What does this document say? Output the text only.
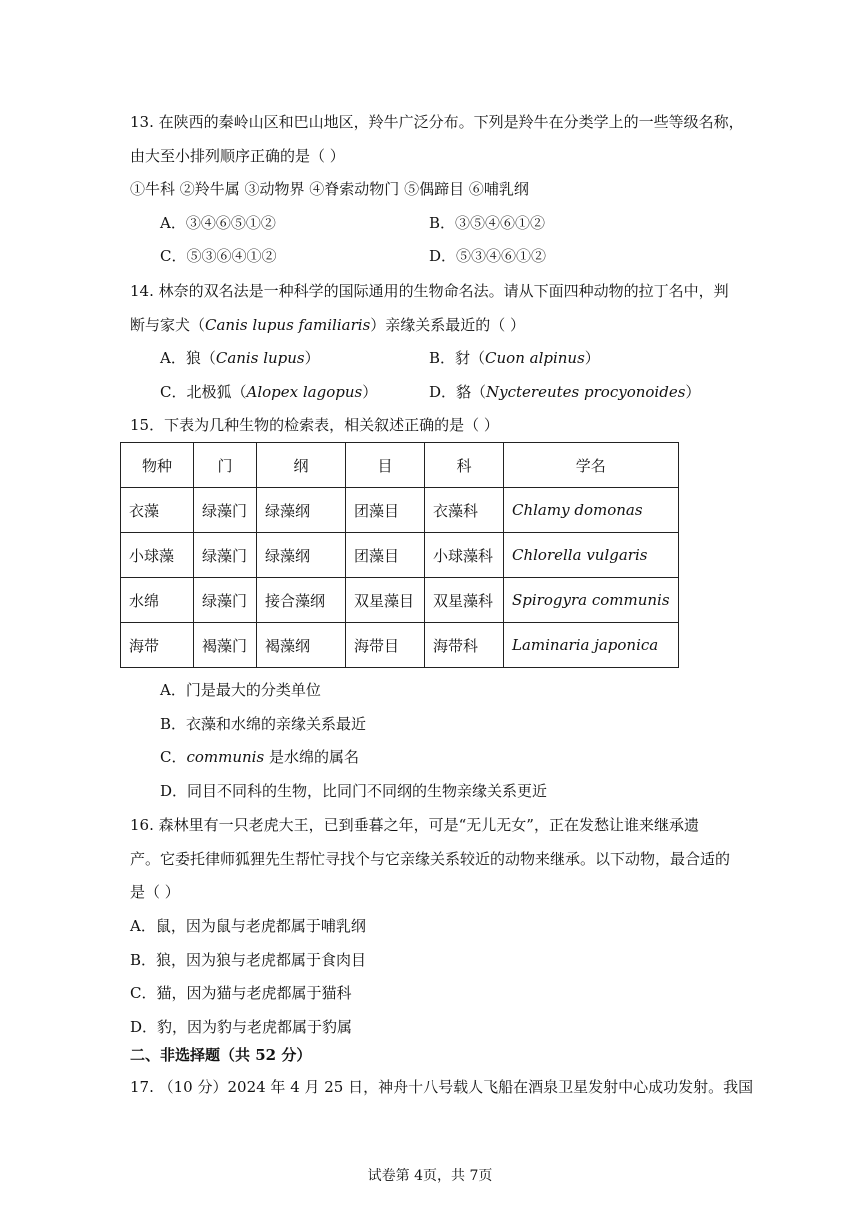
13. 在陕西的秦岭山区和巴山地区，羚牛广泛分布。下列是羚牛在分类学上的一些等级名称，
由大至小排列顺序正确的是（ ）
①牛科 ②羚牛属 ③动物界 ④脊索动物门 ⑤偶蹄目 ⑥哺乳纲
A．③④⑥⑤①②	B．③⑤④⑥①②
C．⑤③⑥④①②	D．⑤③④⑥①②
14. 林奈的双名法是一种科学的国际通用的生物命名法。请从下面四种动物的拉丁名中，判
断与家犬（Canis lupus familiaris）亲缘关系最近的（ ）
A．狼（Canis lupus）	B．豺（Cuon alpinus）
C．北极狐（Alopex lagopus）	D．貉（Nyctereutes procyonoides）
15．下表为几种生物的检索表，相关叙述正确的是（ ）
物种	门	纲	目	科	学名
衣藻	绿藻门	绿藻纲	团藻目	衣藻科	Chlamy domonas
小球藻	绿藻门	绿藻纲	团藻目	小球藻科	Chlorella vulgaris
水绵	绿藻门	接合藻纲	双星藻目	双星藻科	Spirogyra communis
海带	褐藻门	褐藻纲	海带目	海带科	Laminaria japonica
A．门是最大的分类单位
B．衣藻和水绵的亲缘关系最近
C．communis 是水绵的属名
D．同目不同科的生物，比同门不同纲的生物亲缘关系更近
16. 森林里有一只老虎大王，已到垂暮之年，可是“无儿无女”，正在发愁让谁来继承遗
产。它委托律师狐狸先生帮忙寻找个与它亲缘关系较近的动物来继承。以下动物，最合适的
是（ ）
A．鼠，因为鼠与老虎都属于哺乳纲
B．狼，因为狼与老虎都属于食肉目
C．猫，因为猫与老虎都属于猫科
D．豹，因为豹与老虎都属于豹属
二、非选择题（共 52 分）
17. （10 分）2024 年 4 月 25 日，神舟十八号载人飞船在酒泉卫星发射中心成功发射。我国
试卷第 4页，共 7页
